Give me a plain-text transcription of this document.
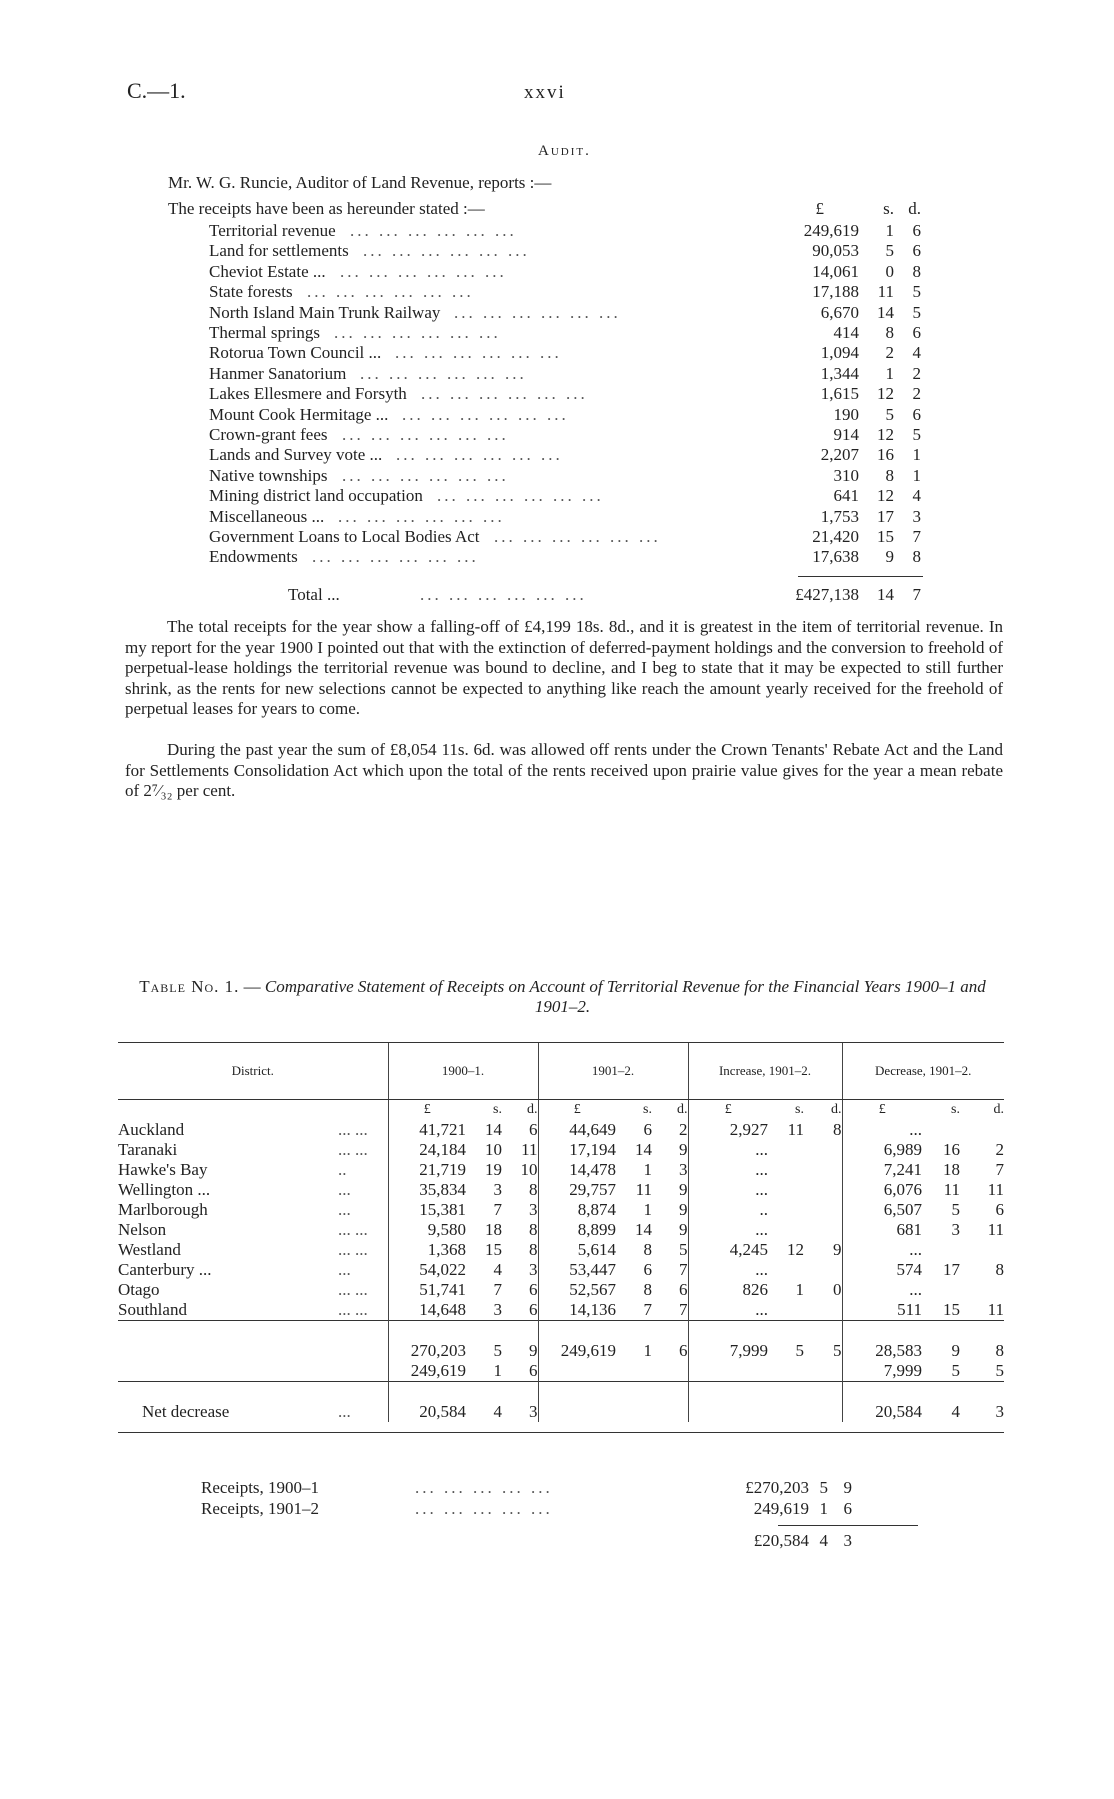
C.—1.	xxvi
Audit.
Mr. W. G. Runcie, Auditor of Land Revenue, reports :—
The receipts have been as hereunder stated :—	£	s. d.
Territorial revenue	249,619	1	6
... ... ... ... ... ...
Land for settlements	90,053	5	6
... ... ... ... ... ...
Cheviot Estate ...	14,061	0	8
... ... ... ... ... ...
State forests	17,188	11	5
... ... ... ... ... ...
North Island Main Trunk Railway	6,670	14	5
... ... ... ... ... ...
Thermal springs	414	8	6
... ... ... ... ... ...
Rotorua Town Council ...	1,094	2	4
... ... ... ... ... ...
Hanmer Sanatorium	1,344	1	2
... ... ... ... ... ...
Lakes Ellesmere and Forsyth	1,615	12	2
... ... ... ... ... ...
Mount Cook Hermitage ...	190	5	6
... ... ... ... ... ...
Crown-grant fees	914	12	5
... ... ... ... ... ...
Lands and Survey vote ...	2,207	16	1
... ... ... ... ... ...
Native townships	310	8	1
... ... ... ... ... ...
Mining district land occupation	641	12	4
... ... ... ... ... ...
Miscellaneous ...	1,753	17	3
... ... ... ... ... ...
Government Loans to Local Bodies Act	21,420	15	7
... ... ... ... ... ...
Endowments	17,638	9	8
... ... ... ... ... ...
Total ...	... ... ... ... ... ...	£427,138	14	7

The total receipts for the year show a falling-off of £4,199 18s. 8d., and it is greatest in the item of territorial revenue. In my report for the year 1900 I pointed out that with the extinction of deferred-payment holdings and the conversion to freehold of perpetual-lease holdings the territorial revenue was bound to decline, and I beg to state that it may be expected to still further shrink, as the rents for new selections cannot be expected to anything like reach the amount yearly received for the freehold of perpetual leases for years to come.

During the past year the sum of £8,054 11s. 6d. was allowed off rents under the Crown Tenants' Rebate Act and the Land for Settlements Consolidation Act which upon the total of the rents received upon prairie value gives for the year a mean rebate of 2⁷⁄₃₂ per cent.

Table No. 1. — Comparative Statement of Receipts on Account of Territorial Revenue for the Financial Years 1900–1 and 1901–2.
District.		1900–1.			1901–2.			Increase, 1901–2.			Decrease, 1901–2.		
		£	s.	d.	£	s.	d.	£	s.	d.	£	s.	d.
Auckland	... ...	41,721	14	6	44,649	6	2	2,927	11	8	...		
Taranaki	... ...	24,184	10	11	17,194	14	9	...			6,989	16	2
Hawke's Bay	..	21,719	19	10	14,478	1	3	...			7,241	18	7
Wellington ...	...	35,834	3	8	29,757	11	9	...			6,076	11	11
Marlborough	...	15,381	7	3	8,874	1	9	..			6,507	5	6
Nelson	... ...	9,580	18	8	8,899	14	9	...			681	3	11
Westland	... ...	1,368	15	8	5,614	8	5	4,245	12	9	...		
Canterbury ...	...	54,022	4	3	53,447	6	7	...			574	17	8
Otago	... ...	51,741	7	6	52,567	8	6	826	1	0	...		
Southland	... ...	14,648	3	6	14,136	7	7	...			511	15	11

		270,203	5	9	249,619	1	6	7,999	5	5	28,583	9	8
		249,619	1	6							7,999	5	5

Net decrease	...	20,584	4	3							20,584	4	3

Receipts, 1900–1	... ... ... ... ...	£270,203 5 9
Receipts, 1901–2	... ... ... ... ...	249,619 1 6
£20,584 4 3
